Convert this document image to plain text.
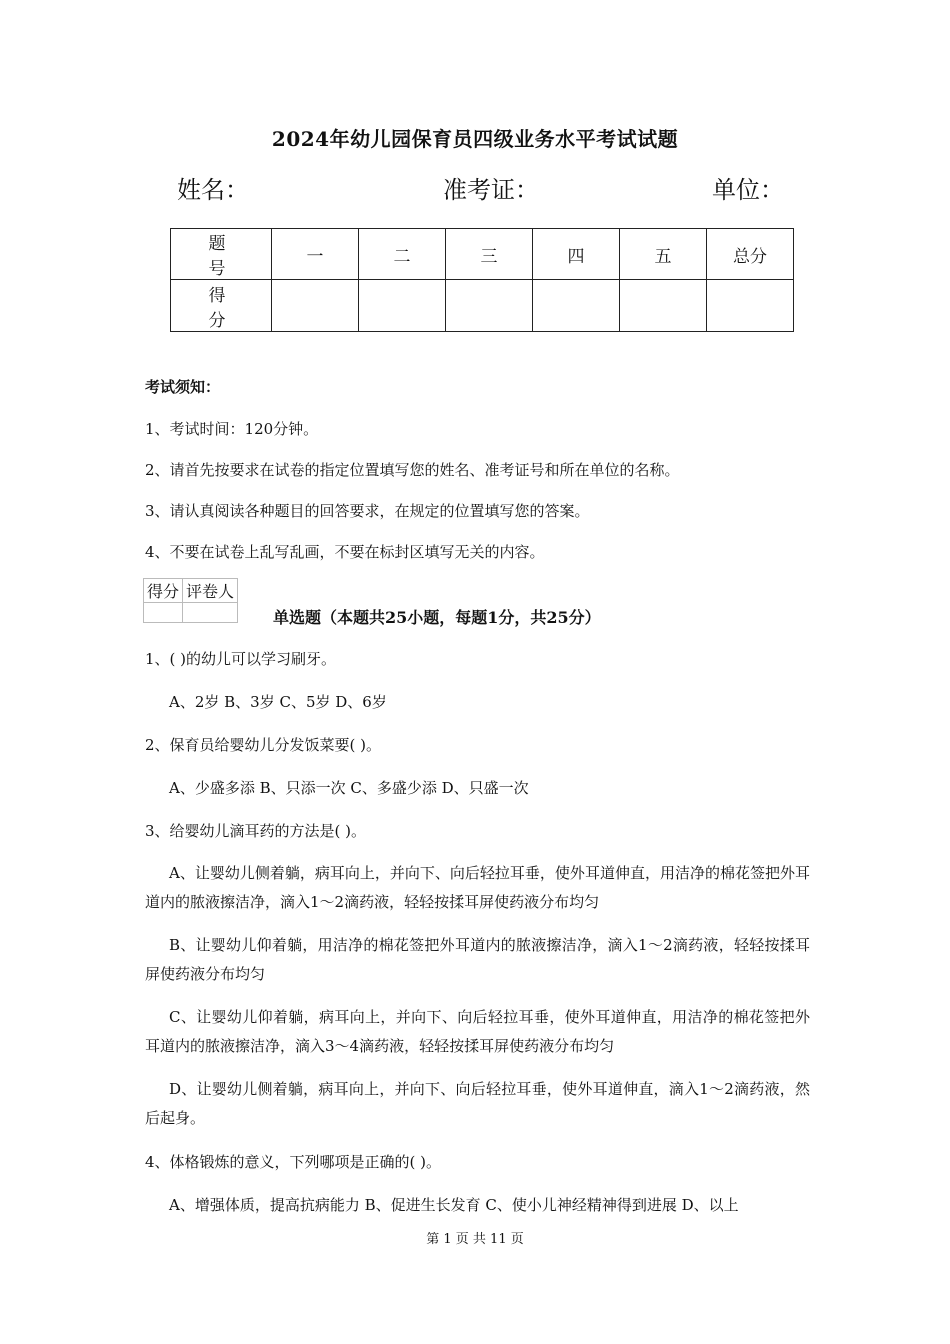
2024年幼儿园保育员四级业务水平考试试题
姓名：	准考证：	单位：
题 号	一	二	三	四	五	总分
得 分						
考试须知：
1、考试时间：120分钟。
2、请首先按要求在试卷的指定位置填写您的姓名、准考证号和所在单位的名称。
3、请认真阅读各种题目的回答要求，在规定的位置填写您的答案。
4、不要在试卷上乱写乱画，不要在标封区填写无关的内容。
得分	评卷人

单选题（本题共25小题，每题1分，共25分）
1、( )的幼儿可以学习刷牙。
A、2岁 B、3岁 C、5岁 D、6岁
2、保育员给婴幼儿分发饭菜要( )。
A、少盛多添 B、只添一次 C、多盛少添 D、只盛一次
3、给婴幼儿滴耳药的方法是( )。
A、让婴幼儿侧着躺，病耳向上，并向下、向后轻拉耳垂，使外耳道伸直，用洁净的棉花签把外耳道内的脓液擦洁净，滴入1～2滴药液，轻轻按揉耳屏使药液分布均匀
B、让婴幼儿仰着躺，用洁净的棉花签把外耳道内的脓液擦洁净，滴入1～2滴药液，轻轻按揉耳屏使药液分布均匀
C、让婴幼儿仰着躺，病耳向上，并向下、向后轻拉耳垂，使外耳道伸直，用洁净的棉花签把外耳道内的脓液擦洁净，滴入3～4滴药液，轻轻按揉耳屏使药液分布均匀
D、让婴幼儿侧着躺，病耳向上，并向下、向后轻拉耳垂，使外耳道伸直，滴入1～2滴药液，然后起身。
4、体格锻炼的意义，下列哪项是正确的( )。
A、增强体质，提高抗病能力 B、促进生长发育 C、使小儿神经精神得到进展 D、以上
第 1 页 共 11 页
